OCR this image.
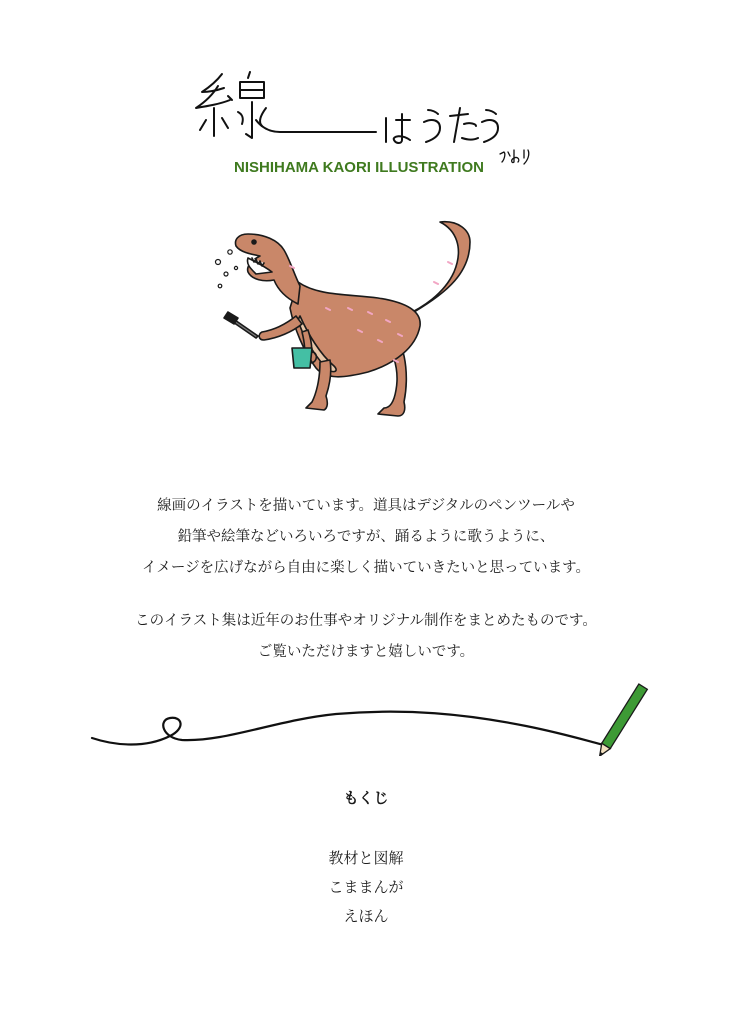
NISHIHAMA KAORI ILLUSTRATION
線画のイラストを描いています。道具はデジタルのペンツールや
鉛筆や絵筆などいろいろですが、踊るように歌うように、
イメージを広げながら自由に楽しく描いていきたいと思っています。
このイラスト集は近年のお仕事やオリジナル制作をまとめたものです。
ご覧いただけますと嬉しいです。
もくじ
教材と図解
こままんが
えほん
